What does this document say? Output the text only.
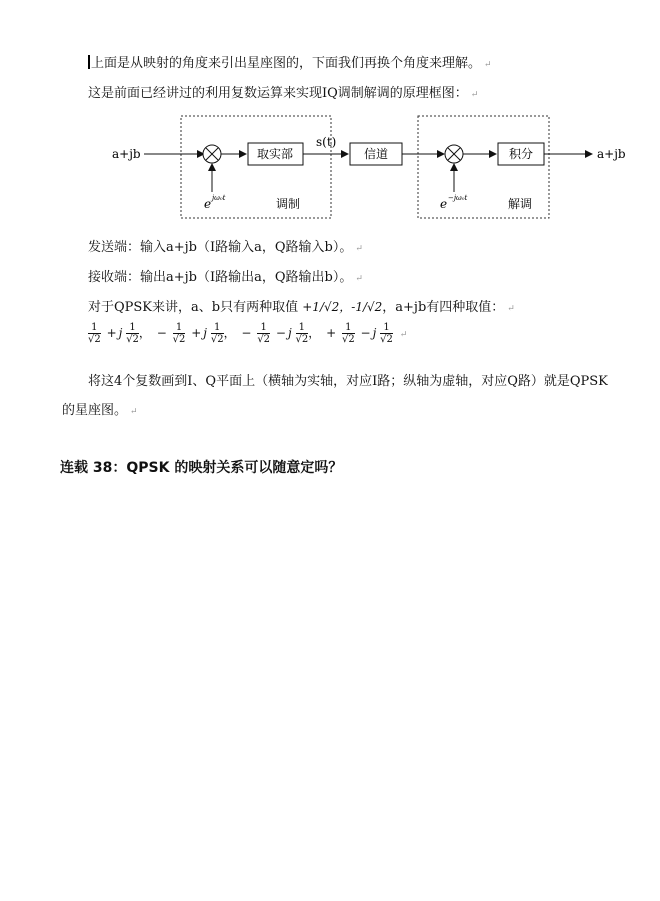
上面是从映射的角度来引出星座图的，下面我们再换个角度来理解。 ↵
这是前面已经讲过的利用复数运算来实现IQ调制解调的原理框图： ↵
a+jb
e jω₀t	调制
取实部
s(t)
信道
e −jω₀t	解调
积分	a+jb
发送端：输入a+jb（I路输入a，Q路输入b）。 ↵
接收端：输出a+jb（I路输出a，Q路输出b）。 ↵
对于QPSK来讲，a、b只有两种取值 +1/√2，-1/√2，a+jb有四种取值： ↵
$\frac{1}{√2} + j \frac{1}{√2}$ ， − $\frac{1}{√2} + j \frac{1}{√2}$ ， − $\frac{1}{√2} - j \frac{1}{√2}$ ， + $\frac{1}{√2} - j \frac{1}{√2}$ ↵
将这4个复数画到I、Q平面上（横轴为实轴，对应I路；纵轴为虚轴，对应Q路）就是QPSK
的星座图。 ↵
连载 38：QPSK 的映射关系可以随意定吗？
